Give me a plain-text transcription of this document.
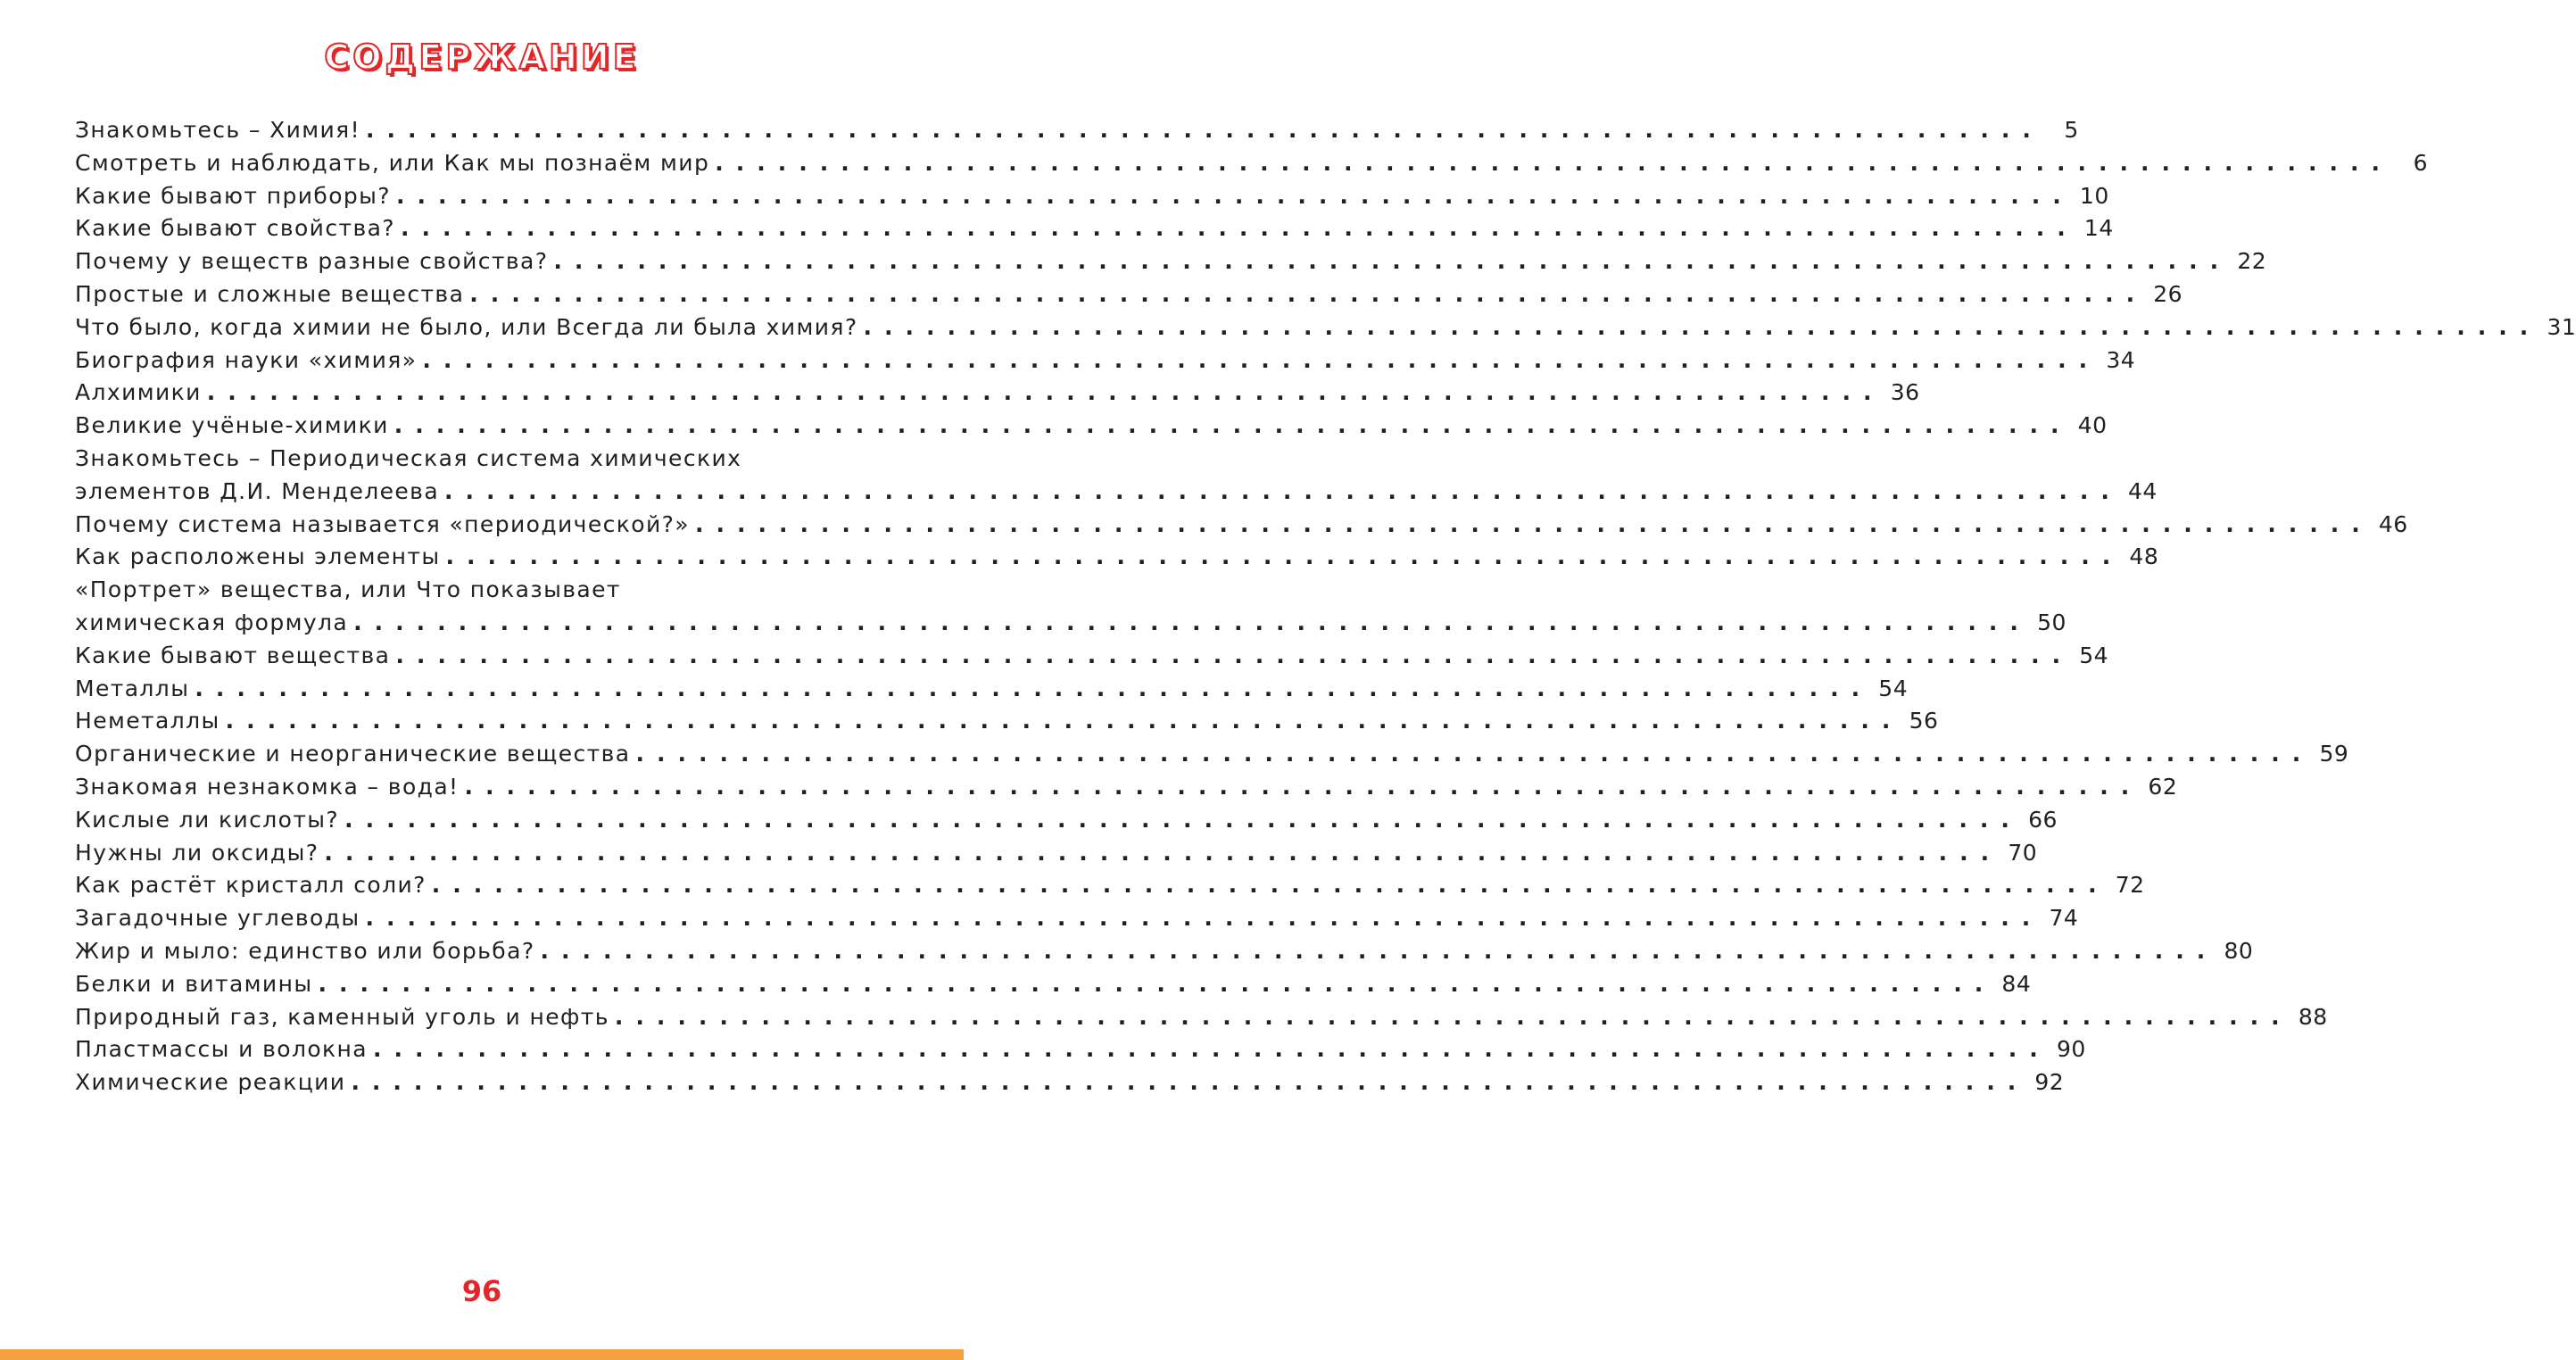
СОДЕРЖАНИЕ
Знакомьтесь – Химия! ................................................................................ 5
Смотреть и наблюдать, или Как мы познаём мир ................................................................................ 6
Какие бывают приборы? ................................................................................ 10
Какие бывают свойства? ................................................................................ 14
Почему у веществ разные свойства? ................................................................................ 22
Простые и сложные вещества ................................................................................ 26
Что было, когда химии не было, или Всегда ли была химия? ................................................................................ 31
Биография науки «химия» ................................................................................ 34
Алхимики ................................................................................ 36
Великие учёные-химики ................................................................................ 40
Знакомьтесь – Периодическая система химических
элементов Д.И. Менделеева ................................................................................ 44
Почему система называется «периодической?» ................................................................................ 46
Как расположены элементы ................................................................................ 48
«Портрет» вещества, или Что показывает
химическая формула ................................................................................ 50
Какие бывают вещества ................................................................................ 54
Металлы ................................................................................ 54
Неметаллы ................................................................................ 56
Органические и неорганические вещества ................................................................................ 59
Знакомая незнакомка – вода! ................................................................................ 62
Кислые ли кислоты? ................................................................................ 66
Нужны ли оксиды? ................................................................................ 70
Как растёт кристалл соли? ................................................................................ 72
Загадочные углеводы ................................................................................ 74
Жир и мыло: единство или борьба? ................................................................................ 80
Белки и витамины ................................................................................ 84
Природный газ, каменный уголь и нефть ................................................................................ 88
Пластмассы и волокна ................................................................................ 90
Химические реакции ................................................................................ 92
96
